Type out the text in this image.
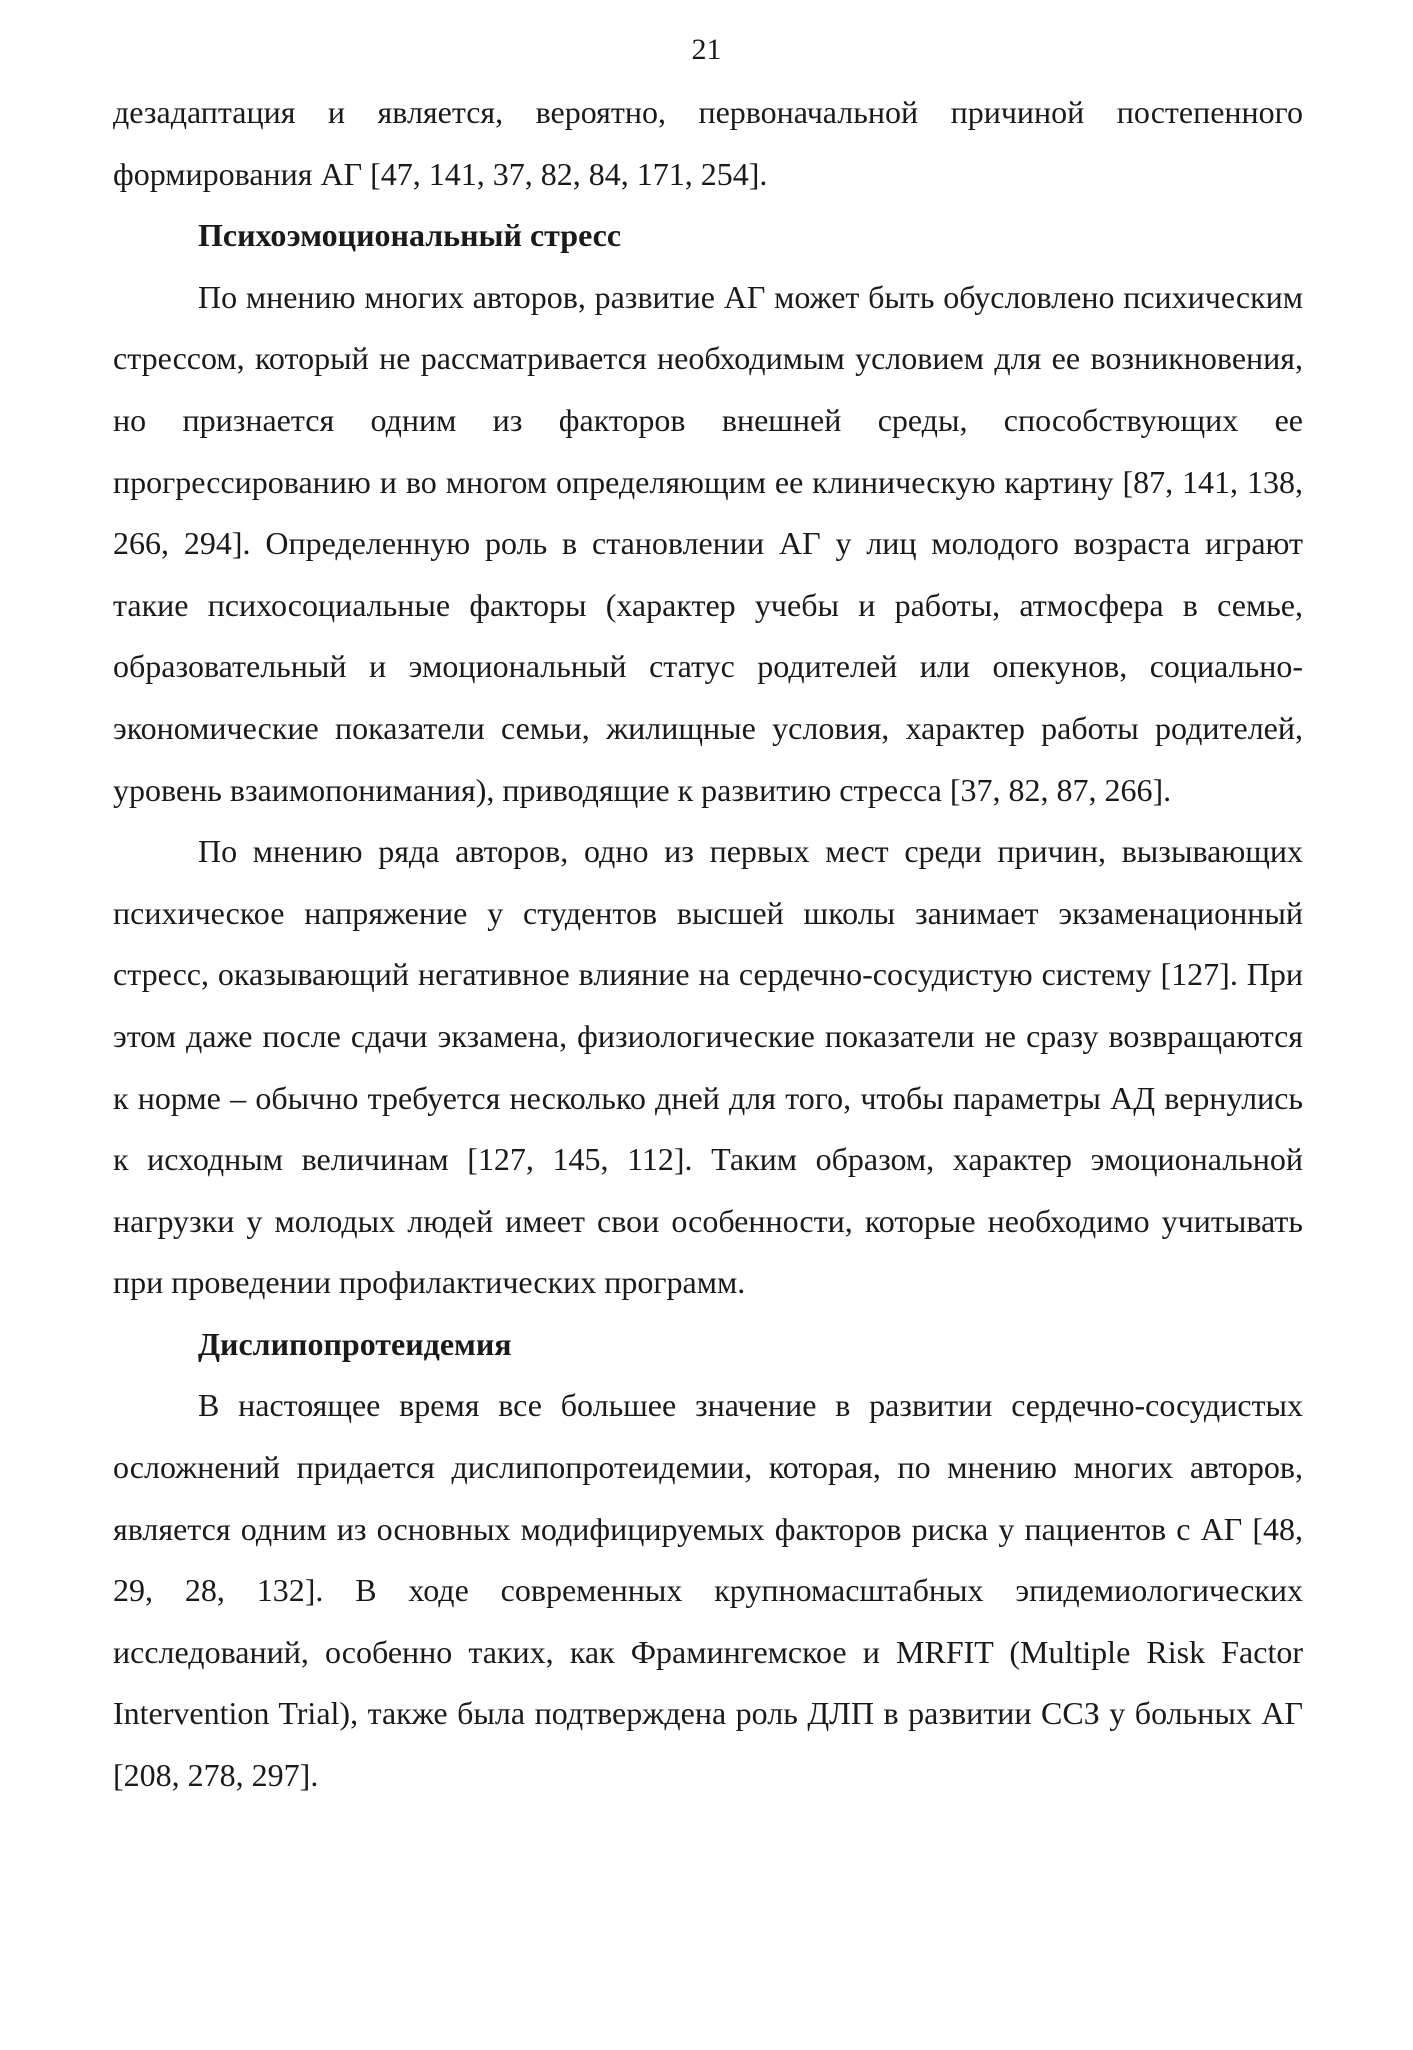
21

дезадаптация и является, вероятно, первоначальной причиной постепенного формирования АГ [47, 141, 37, 82, 84, 171, 254].

Психоэмоциональный стресс

По мнению многих авторов, развитие АГ может быть обусловлено психическим стрессом, который не рассматривается необходимым условием для ее возникновения, но признается одним из факторов внешней среды, способствующих ее прогрессированию и во многом определяющим ее клиническую картину [87, 141, 138, 266, 294]. Определенную роль в становлении АГ у лиц молодого возраста играют такие психосоциальные факторы (характер учебы и работы, атмосфера в семье, образовательный и эмоциональный статус родителей или опекунов, социально-экономические показатели семьи, жилищные условия, характер работы родителей, уровень взаимопонимания), приводящие к развитию стресса [37, 82, 87, 266].

По мнению ряда авторов, одно из первых мест среди причин, вызывающих психическое напряжение у студентов высшей школы занимает экзаменационный стресс, оказывающий негативное влияние на сердечно-сосудистую систему [127]. При этом даже после сдачи экзамена, физиологические показатели не сразу возвращаются к норме – обычно требуется несколько дней для того, чтобы параметры АД вернулись к исходным величинам [127, 145, 112]. Таким образом, характер эмоциональной нагрузки у молодых людей имеет свои особенности, которые необходимо учитывать при проведении профилактических программ.

Дислипопротеидемия

В настоящее время все большее значение в развитии сердечно-сосудистых осложнений придается дислипопротеидемии, которая, по мнению многих авторов, является одним из основных модифицируемых факторов риска у пациентов с АГ [48, 29, 28, 132]. В ходе современных крупномасштабных эпидемиологических исследований, особенно таких, как Фрамингемское и MRFIT (Multiple Risk Factor Intervention Trial), также была подтверждена роль ДЛП в развитии ССЗ у больных АГ [208, 278, 297].
